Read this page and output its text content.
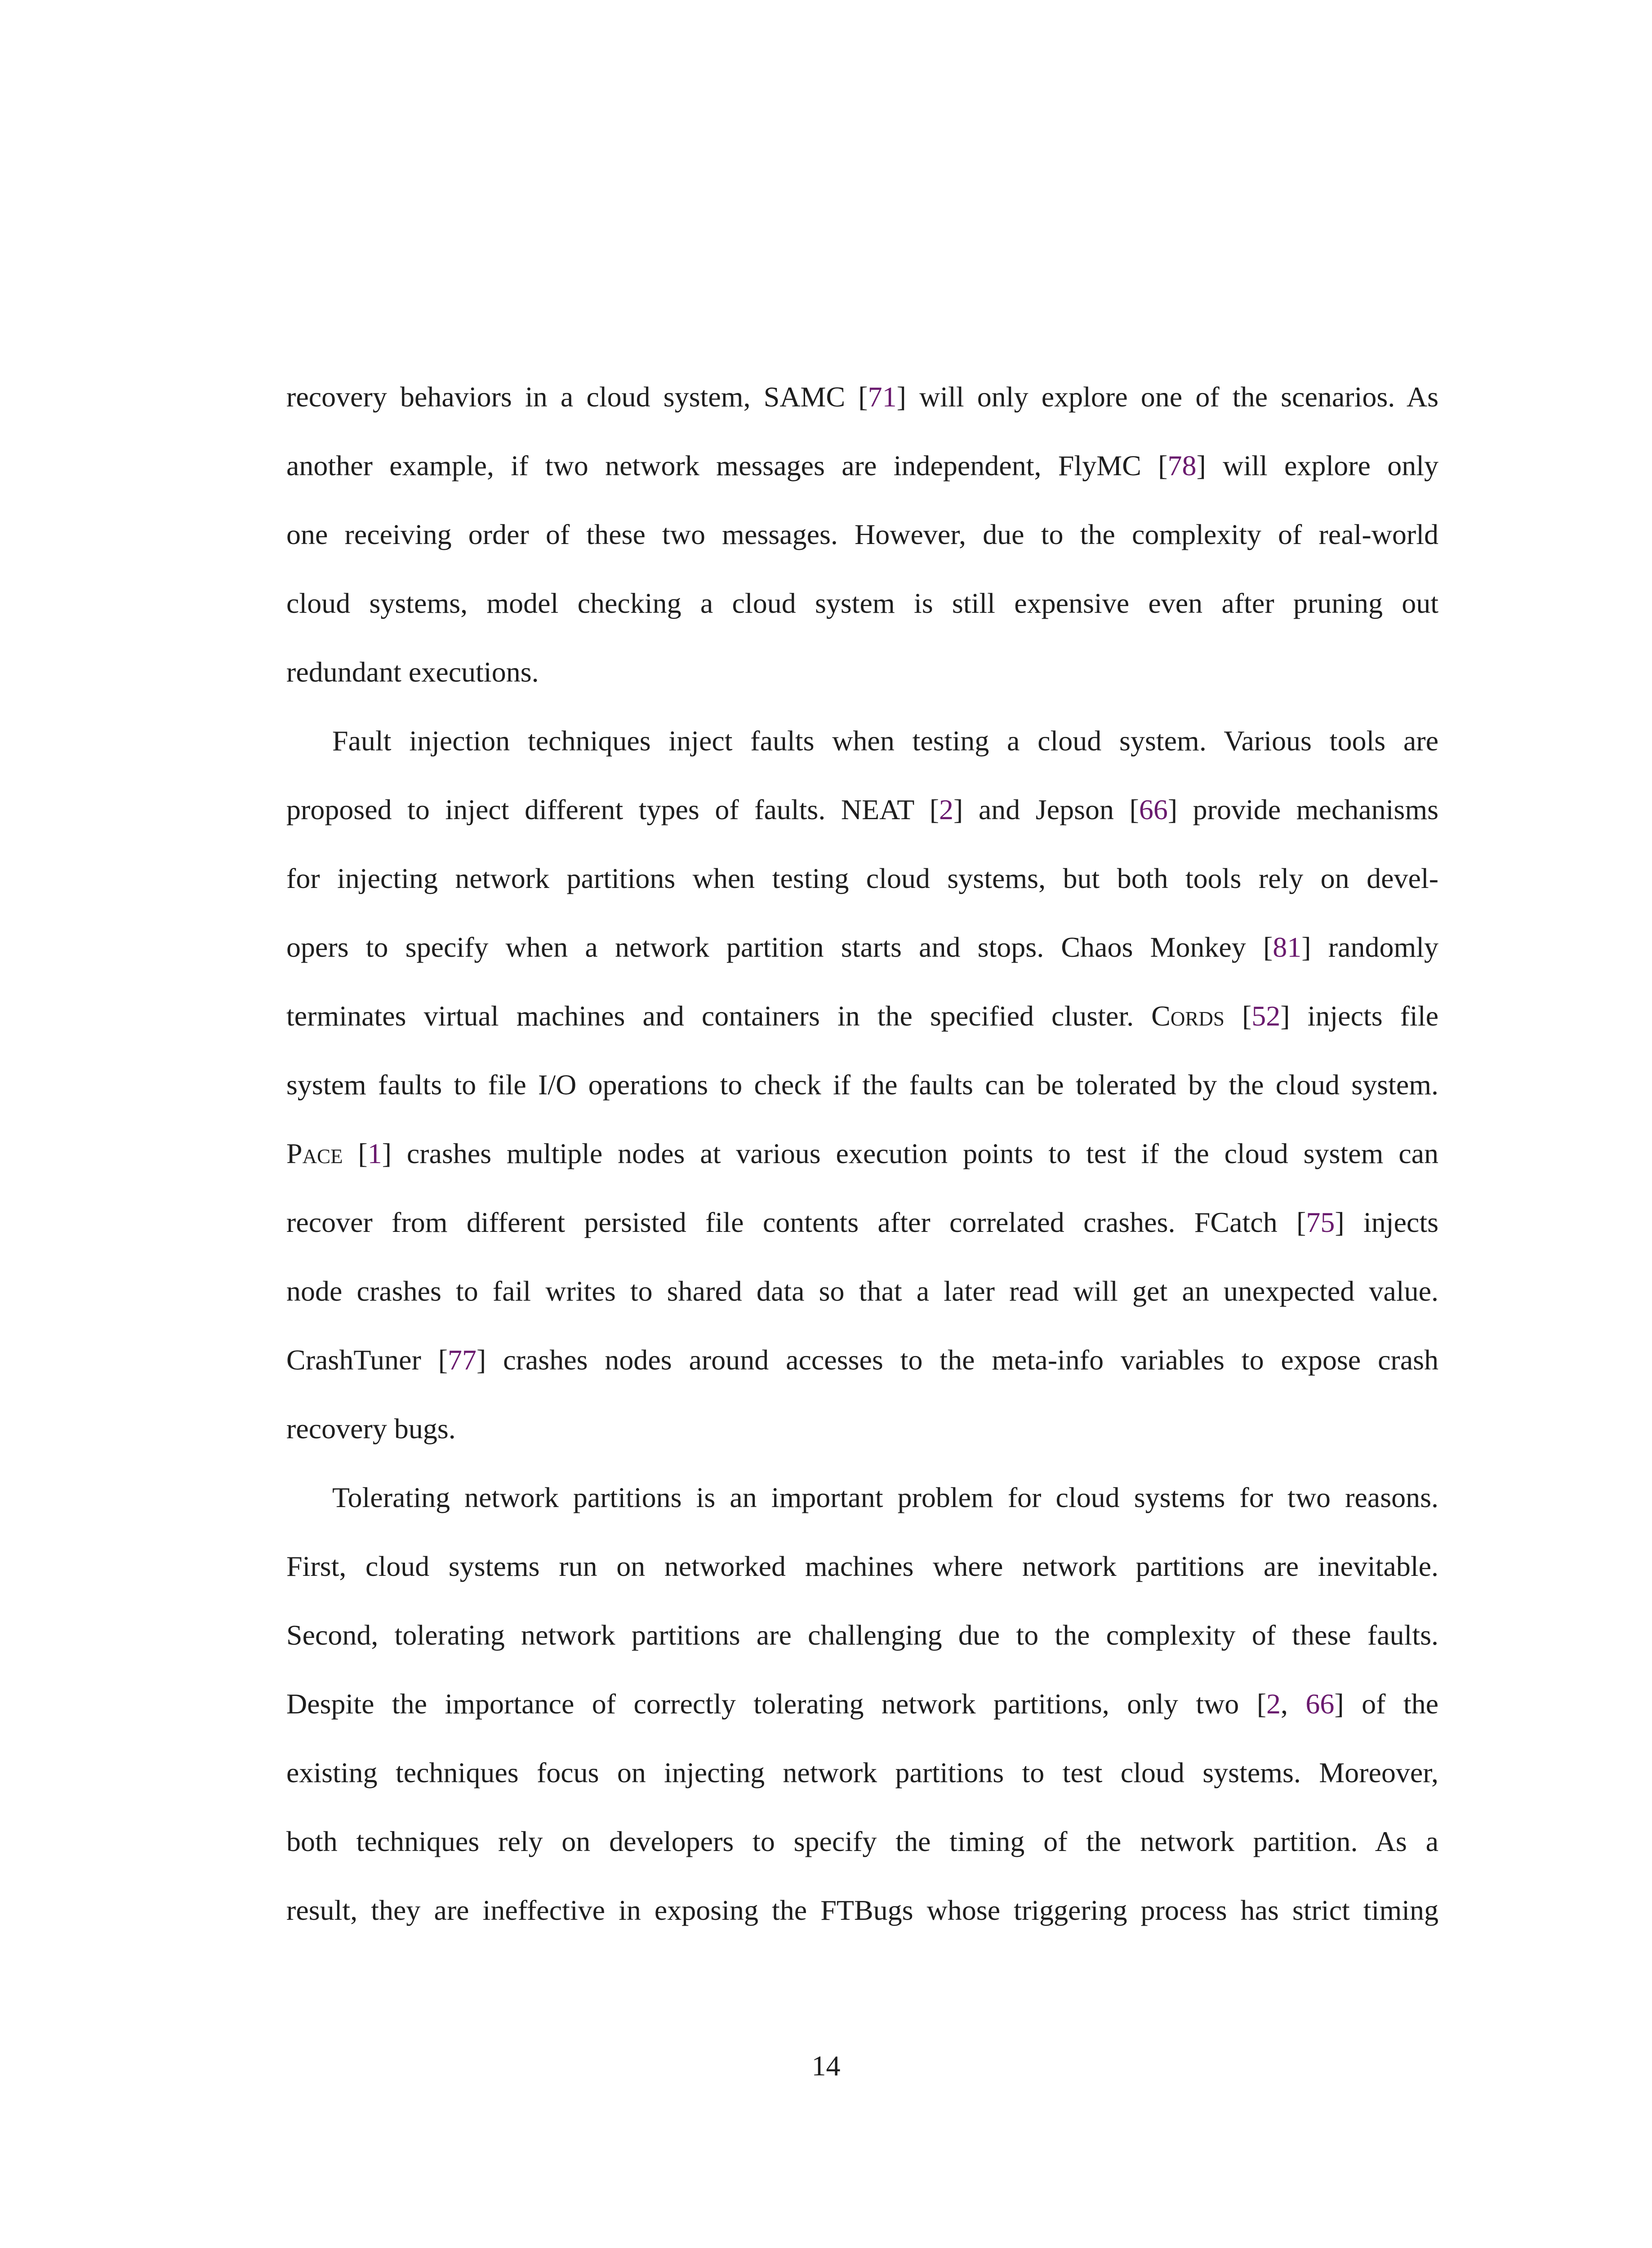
recovery behaviors in a cloud system, SAMC [71] will only explore one of the scenarios. As
another example, if two network messages are independent, FlyMC [78] will explore only
one receiving order of these two messages. However, due to the complexity of real-world
cloud systems, model checking a cloud system is still expensive even after pruning out
redundant executions.
Fault injection techniques inject faults when testing a cloud system. Various tools are
proposed to inject different types of faults. NEAT [2] and Jepson [66] provide mechanisms
for injecting network partitions when testing cloud systems, but both tools rely on devel-
opers to specify when a network partition starts and stops. Chaos Monkey [81] randomly
terminates virtual machines and containers in the specified cluster. Cords [52] injects file
system faults to file I/O operations to check if the faults can be tolerated by the cloud system.
Pace [1] crashes multiple nodes at various execution points to test if the cloud system can
recover from different persisted file contents after correlated crashes. FCatch [75] injects
node crashes to fail writes to shared data so that a later read will get an unexpected value.
CrashTuner [77] crashes nodes around accesses to the meta-info variables to expose crash
recovery bugs.
Tolerating network partitions is an important problem for cloud systems for two reasons.
First, cloud systems run on networked machines where network partitions are inevitable.
Second, tolerating network partitions are challenging due to the complexity of these faults.
Despite the importance of correctly tolerating network partitions, only two [2, 66] of the
existing techniques focus on injecting network partitions to test cloud systems. Moreover,
both techniques rely on developers to specify the timing of the network partition. As a
result, they are ineffective in exposing the FTBugs whose triggering process has strict timing
14
